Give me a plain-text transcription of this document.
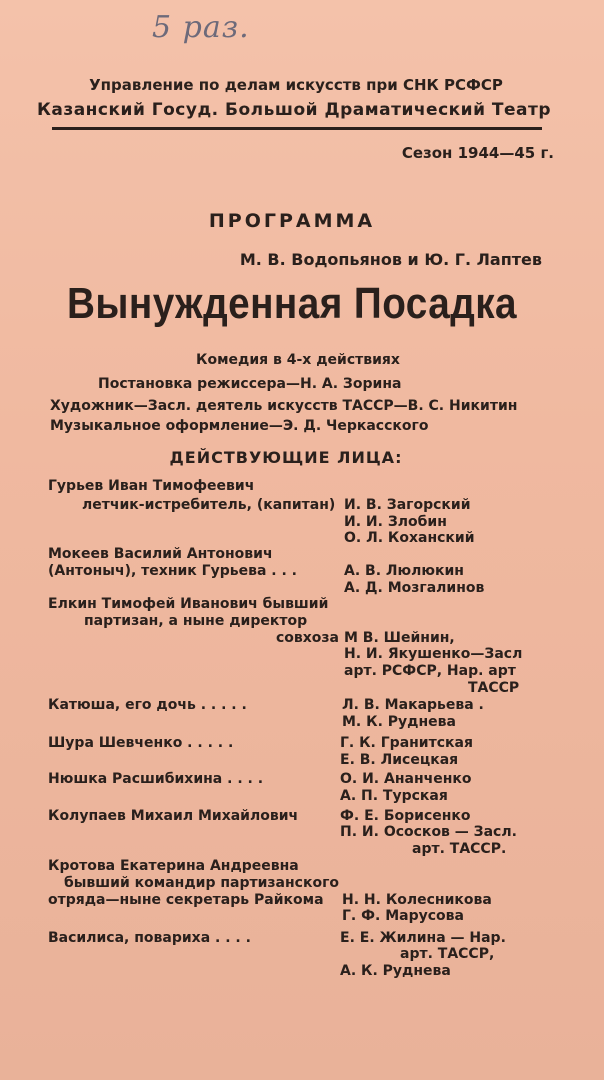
5 раз.
Управление по делам искусств при СНК РСФСР
Казанский Госуд. Большой Драматический Театр
Сезон 1944—45 г.
ПРОГРАММА
М. В. Водопьянов и Ю. Г. Лаптев
Вынужденная Посадка
Комедия в 4-х действиях
Постановка режиссера—Н. А. Зорина
Художник—Засл. деятель искусств ТАССР—В. С. Никитин
Музыкальное оформление—Э. Д. Черкасского
ДЕЙСТВУЮЩИЕ ЛИЦА:
Гурьев Иван Тимофеевич
летчик-истребитель, (капитан) И. В. Загорский
И. И. Злобин
О. Л. Коханский
Мокеев Василий Антонович
(Антоныч), техник Гурьева . . .	А. В. Люлюкин
А. Д. Мозгалинов
Елкин Тимофей Иванович бывший
партизан, а ныне директор
совхоза М В. Шейнин,
Н. И. Якушенко—Засл
арт. РСФСР, Нар. арт
ТАССР
Катюша, его дочь . . . . .	Л. В. Макарьева .
М. К. Руднева
Шура Шевченко . . . . .	Г. К. Гранитская
Е. В. Лисецкая
Нюшка Расшибихина . . . .	О. И. Ананченко
А. П. Турская
Колупаев Михаил Михайлович	Ф. Е. Борисенко
П. И. Ососков — Засл.
арт. ТАССР.
Кротова Екатерина Андреевна
бывший командир партизанского
отряда—ныне секретарь Райкома Н. Н. Колесникова
Г. Ф. Марусова
Василиса, повариха . . . .	Е. Е. Жилина — Нар.
арт. ТАССР,
А. К. Руднева
